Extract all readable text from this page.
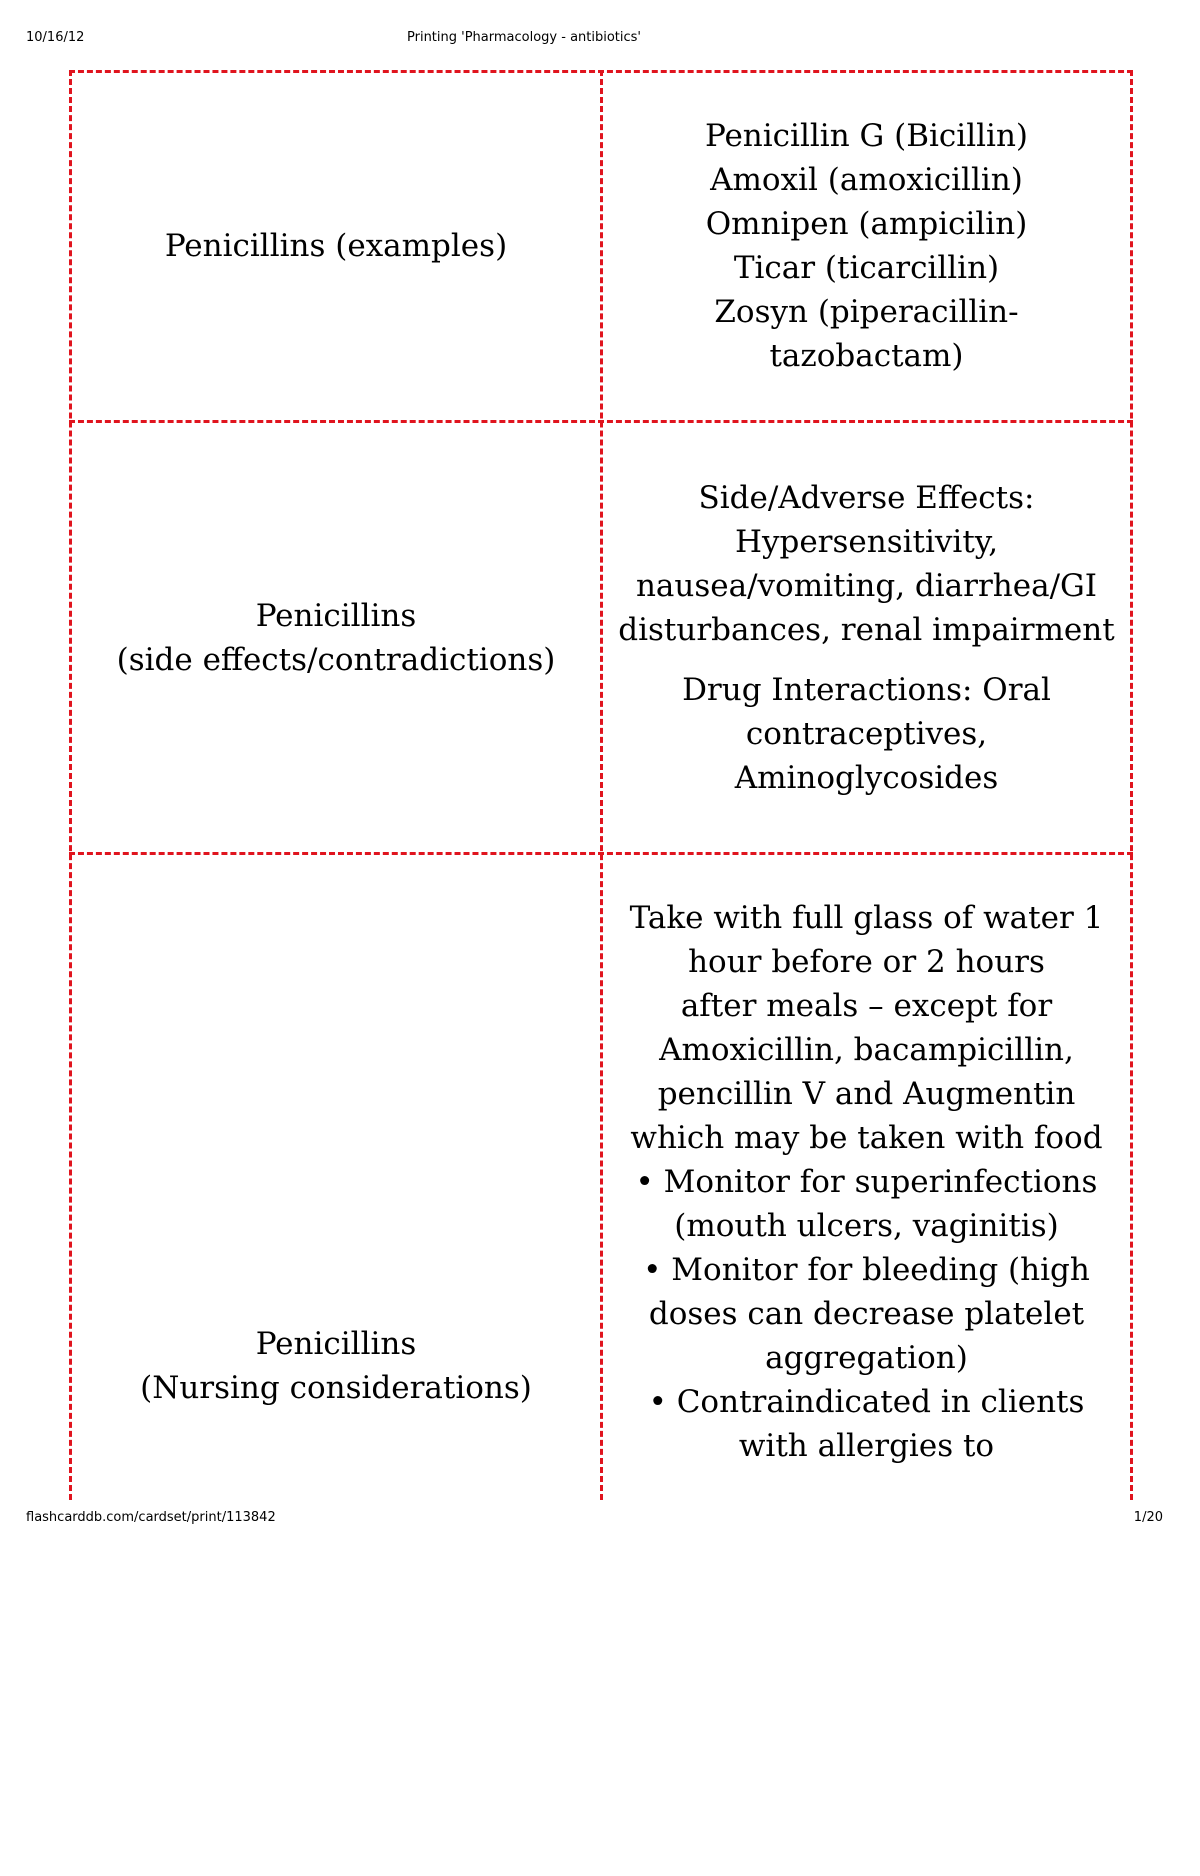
10/16/12	Printing 'Pharmacology - antibiotics'
Penicillins (examples)
Penicillin G (Bicillin)
Amoxil (amoxicillin)
Omnipen (ampicilin)
Ticar (ticarcillin)
Zosyn (piperacillin-
tazobactam)
Penicillins
(side effects/contradictions)
Side/Adverse Effects:
Hypersensitivity,
nausea/vomiting, diarrhea/GI
disturbances, renal impairment
Drug Interactions: Oral
contraceptives,
Aminoglycosides
Penicillins
(Nursing considerations)
Take with full glass of water 1
hour before or 2 hours
after meals – except for
Amoxicillin, bacampicillin,
pencillin V and Augmentin
which may be taken with food
• Monitor for superinfections
(mouth ulcers, vaginitis)
• Monitor for bleeding (high
doses can decrease platelet
aggregation)
• Contraindicated in clients
with allergies to
flashcarddb.com/cardset/print/113842	1/20
